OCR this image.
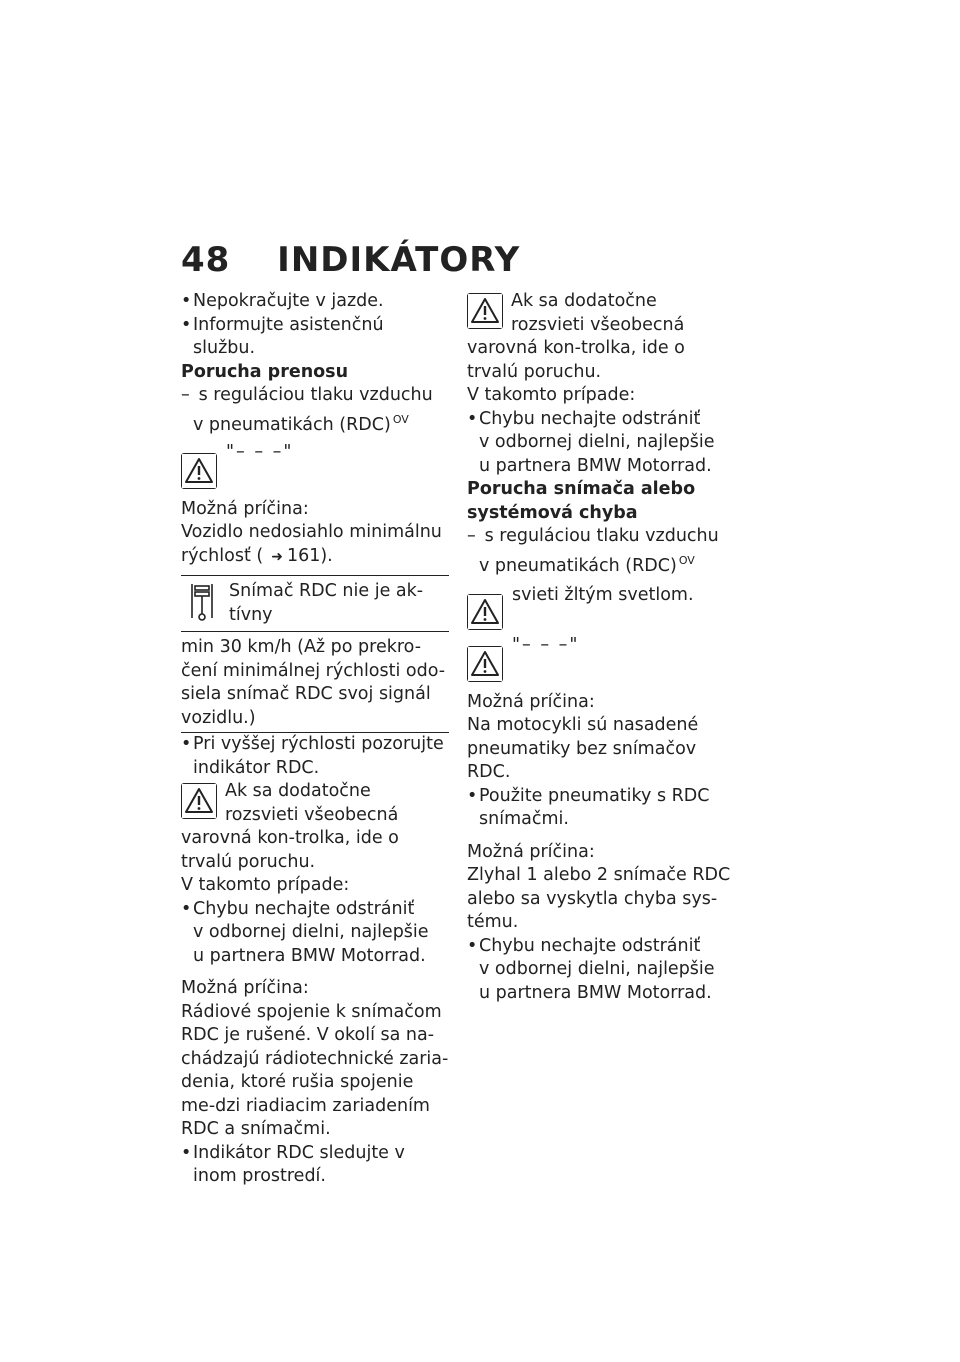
48 INDIKÁTORY

• Nepokračujte v jazde.

• Informujte asistenčnú službu.

Porucha prenosu

– s reguláciou tlaku vzduchu

v pneumatikách (RDC) $^{OV}$

"– – –"

Možná príčina:

Vozidlo nedosiahlo minimálnu

rýchlosť ( ➜ 161).

Snímač RDC nie je ak-tívny
min 30 km/h (Až po prekro-čení minimálnej rýchlosti odo-siela snímač RDC svoj signál vozidlu.)

• Pri vyššej rýchlosti pozorujte indikátor RDC.

Ak sa dodatočne rozsvieti všeobecná varovná kon-trolka, ide o trvalú poruchu.

V takomto prípade:

• Chybu nechajte odstrániť

v odbornej dielni, najlepšie

u partnera BMW Motorrad.

Možná príčina:

Rádiové spojenie k snímačom RDC je rušené. V okolí sa na-chádzajú rádiotechnické zaria-denia, ktoré rušia spojenie me-dzi riadiacim zariadením RDC a snímačmi.

• Indikátor RDC sledujte v inom prostredí.

Ak sa dodatočne rozsvieti všeobecná varovná kon-trolka, ide o trvalú poruchu.

V takomto prípade:

• Chybu nechajte odstrániť

v odbornej dielni, najlepšie

u partnera BMW Motorrad.

Porucha snímača alebo systémová chyba

– s reguláciou tlaku vzduchu

v pneumatikách (RDC) $^{OV}$

svieti žltým svetlom.
"– – –"

Možná príčina:

Na motocykli sú nasadené pneumatiky bez snímačov RDC.

• Použite pneumatiky s RDC

snímačmi.

Možná príčina:

Zlyhal 1 alebo 2 snímače RDC alebo sa vyskytla chyba sys-tému.

• Chybu nechajte odstrániť

v odbornej dielni, najlepšie

u partnera BMW Motorrad.
